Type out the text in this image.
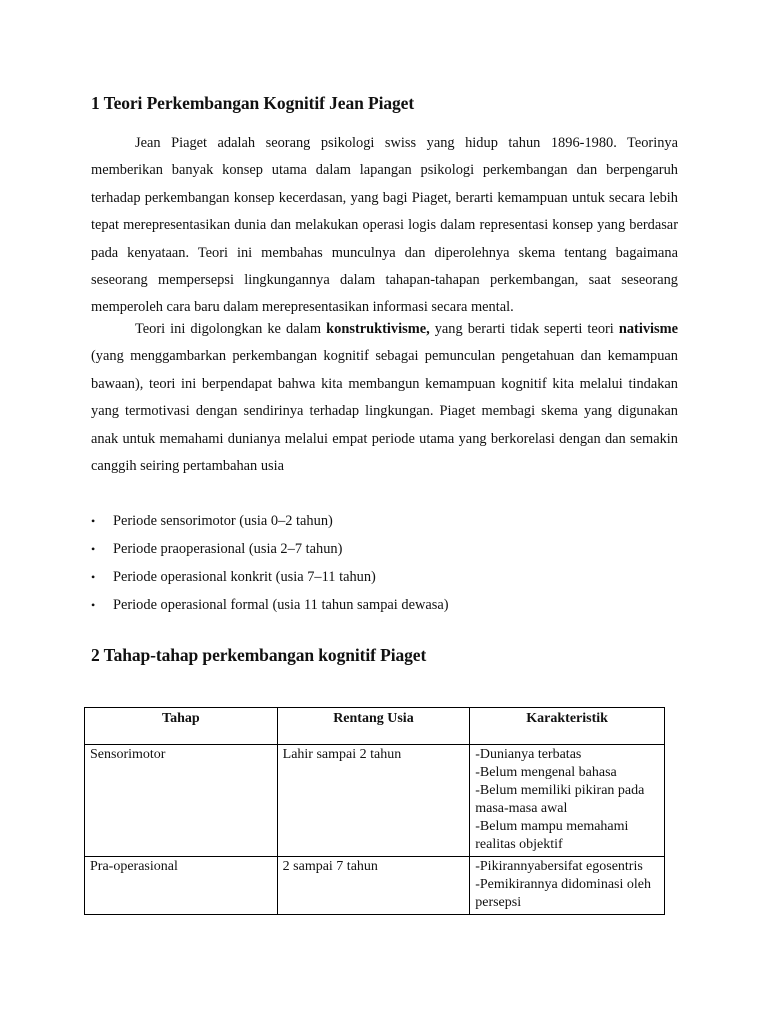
1 Teori Perkembangan Kognitif Jean Piaget
Jean Piaget adalah seorang psikologi swiss yang hidup tahun 1896-1980. Teorinya memberikan banyak konsep utama dalam lapangan psikologi perkembangan dan berpengaruh terhadap perkembangan konsep kecerdasan, yang bagi Piaget, berarti kemampuan untuk secara lebih tepat merepresentasikan dunia dan melakukan operasi logis dalam representasi konsep yang berdasar pada kenyataan. Teori ini membahas munculnya dan diperolehnya skema tentang bagaimana seseorang mempersepsi lingkungannya dalam tahapan-tahapan perkembangan, saat seseorang memperoleh cara baru dalam merepresentasikan informasi secara mental.
Teori ini digolongkan ke dalam konstruktivisme, yang berarti tidak seperti teori nativisme (yang menggambarkan perkembangan kognitif sebagai pemunculan pengetahuan dan kemampuan bawaan), teori ini berpendapat bahwa kita membangun kemampuan kognitif kita melalui tindakan yang termotivasi dengan sendirinya terhadap lingkungan. Piaget membagi skema yang digunakan anak untuk memahami dunianya melalui empat periode utama yang berkorelasi dengan dan semakin canggih seiring pertambahan usia
• Periode sensorimotor (usia 0–2 tahun)
• Periode praoperasional (usia 2–7 tahun)
• Periode operasional konkrit (usia 7–11 tahun)
• Periode operasional formal (usia 11 tahun sampai dewasa)
2 Tahap-tahap perkembangan kognitif Piaget
Tahap	Rentang Usia	Karakteristik
Sensorimotor	Lahir sampai 2 tahun	-Dunianya terbatas
-Belum mengenal bahasa
-Belum memiliki pikiran pada masa-masa awal
-Belum mampu memahami realitas objektif

Pra-operasional	2 sampai 7 tahun	-Pikirannyabersifat egosentris
-Pemikirannya didominasi oleh persepsi
